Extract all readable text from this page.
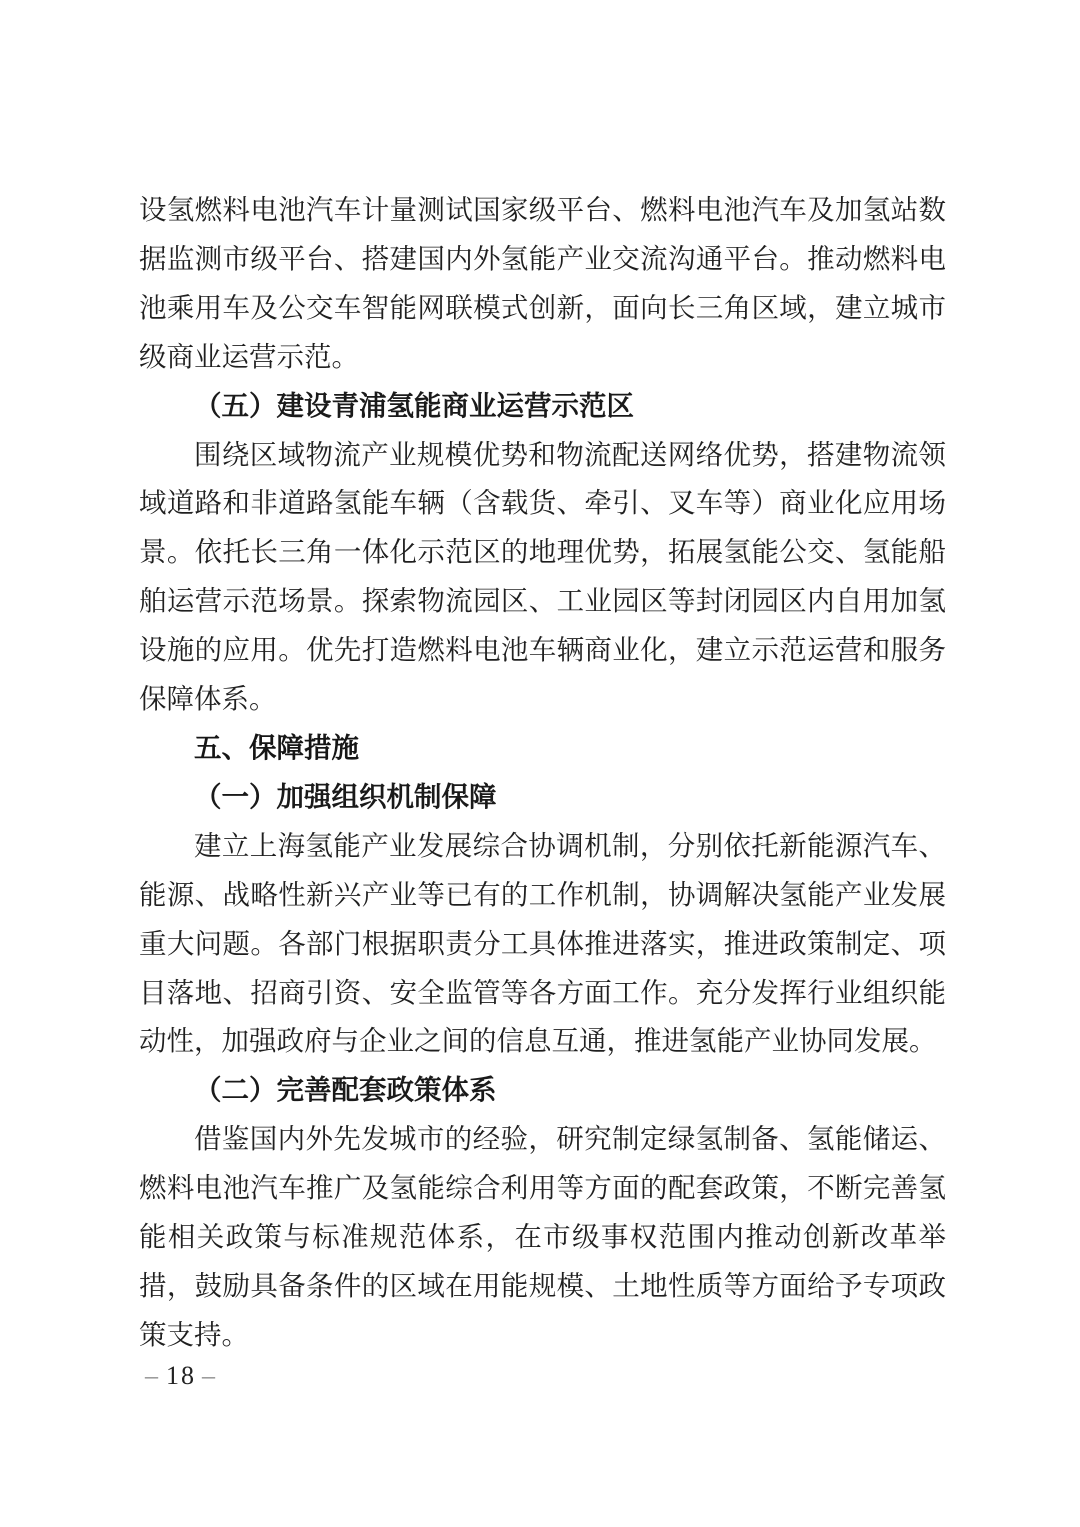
设氢燃料电池汽车计量测试国家级平台、燃料电池汽车及加氢站数据监测市级平台、搭建国内外氢能产业交流沟通平台。推动燃料电池乘用车及公交车智能网联模式创新，面向长三角区域，建立城市级商业运营示范。

（五）建设青浦氢能商业运营示范区

围绕区域物流产业规模优势和物流配送网络优势，搭建物流领域道路和非道路氢能车辆（含载货、牵引、叉车等）商业化应用场景。依托长三角一体化示范区的地理优势，拓展氢能公交、氢能船舶运营示范场景。探索物流园区、工业园区等封闭园区内自用加氢设施的应用。优先打造燃料电池车辆商业化，建立示范运营和服务保障体系。

五、保障措施

（一）加强组织机制保障

建立上海氢能产业发展综合协调机制，分别依托新能源汽车、能源、战略性新兴产业等已有的工作机制，协调解决氢能产业发展重大问题。各部门根据职责分工具体推进落实，推进政策制定、项目落地、招商引资、安全监管等各方面工作。充分发挥行业组织能动性，加强政府与企业之间的信息互通，推进氢能产业协同发展。

（二）完善配套政策体系

借鉴国内外先发城市的经验，研究制定绿氢制备、氢能储运、燃料电池汽车推广及氢能综合利用等方面的配套政策，不断完善氢能相关政策与标准规范体系，在市级事权范围内推动创新改革举措，鼓励具备条件的区域在用能规模、土地性质等方面给予专项政策支持。

– 18 –
